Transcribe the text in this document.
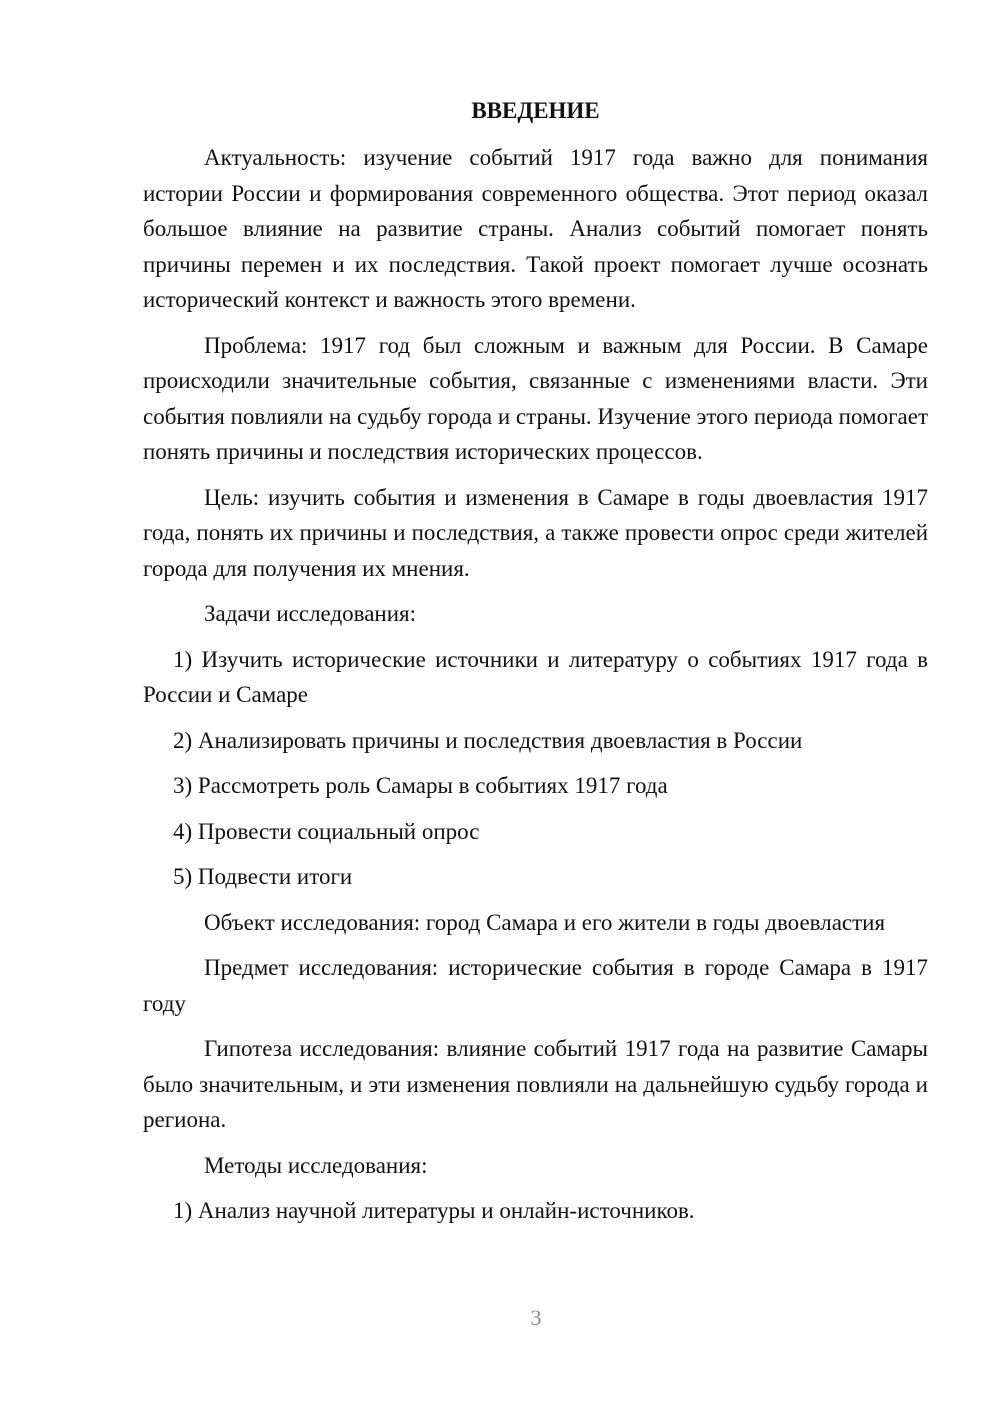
ВВЕДЕНИЕ

Актуальность: изучение событий 1917 года важно для понимания истории России и формирования современного общества. Этот период оказал большое влияние на развитие страны. Анализ событий помогает понять причины перемен и их последствия. Такой проект помогает лучше осознать исторический контекст и важность этого времени.

Проблема: 1917 год был сложным и важным для России. В Самаре происходили значительные события, связанные с изменениями власти. Эти события повлияли на судьбу города и страны. Изучение этого периода помогает понять причины и последствия исторических процессов.

Цель: изучить события и изменения в Самаре в годы двоевластия 1917 года, понять их причины и последствия, а также провести опрос среди жителей города для получения их мнения.

Задачи исследования:

1) Изучить исторические источники и литературу о событиях 1917 года в России и Самаре

2) Анализировать причины и последствия двоевластия в России

3) Рассмотреть роль Самары в событиях 1917 года

4) Провести социальный опрос

5) Подвести итоги

Объект исследования: город Самара и его жители в годы двоевластия

Предмет исследования: исторические события в городе Самара в 1917 году

Гипотеза исследования: влияние событий 1917 года на развитие Самары было значительным, и эти изменения повлияли на дальнейшую судьбу города и региона.

Методы исследования:

1) Анализ научной литературы и онлайн-источников.

3
